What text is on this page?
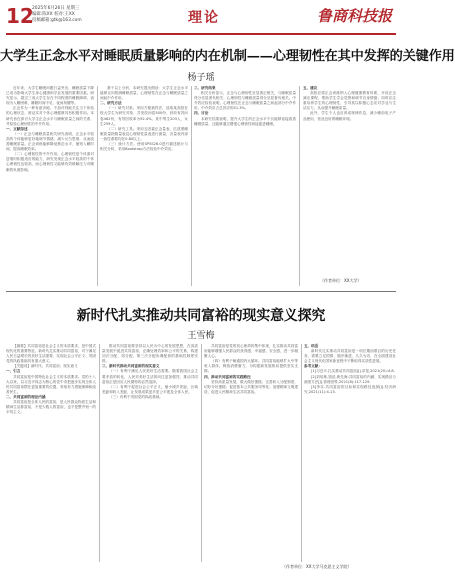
12
2025年6月26日 星期三
编辑:陈XX 校对:王XX
投稿邮箱:gtk@163.com	理论	鲁商科技报
大学生正念水平对睡眠质量影响的内在机制——心理韧性在其中发挥的关键作用
杨子瑶

近年来，大学生睡眠问题日益突出，睡眠质量下降已成为影响大学生身心健康和学业发展的重要因素。研究显示，超过三成大学生存在不同程度的睡眠障碍，表现为入睡困难、睡眠时间不足、夜间易醒等。

正念作为一种有意识地、不加评判地关注当下体验的心理状态，被证实对个体心理健康具有积极作用。本研究旨在探讨大学生正念水平与睡眠质量之间的关系，并检验心理韧性的中介作用。

一、文献综述

（一）正念与睡眠质量相关研究表明，正念水平较高的个体能够更好地调节情绪，减少反刍思维，从而改善睡眠质量。正念训练能够降低焦虑水平，缩短入睡时间，提高睡眠效率。

（二）心理韧性的中介作用。心理韧性是个体面对逆境时积极适应的能力，研究发现正念水平较高的个体心理韧性也较高，而心理韧性又能够有效缓解压力对睡眠的负面影响。

基于以上分析，本研究提出假设：大学生正念水平能够正向预测睡眠质量，心理韧性在正念与睡眠质量之间起中介作用。

二、研究方法

（一）研究对象。采用方便抽样法，选取某高校在校大学生为研究对象，共发放问卷500份，回收有效问卷462份，有效回收率为92.4%。其中男生203人，女生259人。

（二）研究工具。采用五因素正念量表、匹兹堡睡眠质量指数量表及心理韧性量表进行测量，各量表内部一致性系数均在0.80以上。

（三）统计方法。使用SPSS26.0进行描述统计与相关分析，采用Bootstrap方法检验中介效应。

三、研究结果

相关分析显示，正念与心理韧性呈显著正相关，与睡眠质量得分呈显著负相关；心理韧性与睡眠质量得分呈显著负相关。中介效应检验表明，心理韧性在正念与睡眠质量之间起部分中介作用，中介效应占总效应的41.3%。

四、讨论

本研究结果表明，提升大学生的正念水平不仅能够直接改善睡眠质量，还能够通过增强心理韧性间接促进睡眠。

五、建议

高校应将正念训练纳入心理健康教育体系，开设正念减压课程，帮助学生学会觉察和调节自身情绪；同时应注重培养学生的心理韧性，引导其以积极心态应对学业与生活压力，从而提升睡眠质量。

此外，学生个人也应养成规律作息，减少睡前电子产品使用，营造良好的睡眠环境。

（作者单位：XX大学）
新时代扎实推动共同富裕的现实意义探究
王雪梅

【摘要】共同富裕是社会主义的本质要求，是中国式现代化的重要特征。新时代扎实推动共同富裕，对于满足人民日益增长的美好生活需要、实现社会公平正义、巩固党的执政基础具有重大意义。

【关键词】新时代；共同富裕；现实意义

一、引言

共同富裕是中国特色社会主义的本质要求。党的十八大以来，以习近平同志为核心的党中央把逐步实现全体人民共同富裕摆在更加重要的位置，采取有力措施保障和改善民生。

二、共同富裕的理论内涵

共同富裕是全体人民的富裕，是人民群众物质生活和精神生活都富裕，不是少数人的富裕，也不是整齐划一的平均主义。

推动共同富裕要坚持以人民为中心的发展思想，在高质量发展中促进共同富裕，正确处理效率和公平的关系，构建初次分配、再分配、第三次分配协调配套的基础性制度安排。

三、新时代推动共同富裕的现实意义

（一）有利于满足人民美好生活需要。随着我国社会主要矛盾的转化，人民对美好生活的向往更加强烈，推动共同富裕正是回应人民期待的必然选择。

（二）有利于促进社会公平正义。缩小城乡差距、区域差距和收入差距，让发展成果更多更公平惠及全体人民。

（三）有利于巩固党的执政基础。

共同富裕是党的初心使命的集中体现，扎实推动共同富裕能够增强人民群众的获得感、幸福感、安全感，进一步凝聚人心。

（四）有利于畅通国内大循环。共同富裕能够扩大中等收入群体，释放消费潜力，为构建新发展格局提供坚实支撑。

四、推动共同富裕的实践路径

坚持高质量发展，做大做好蛋糕；完善收入分配制度，切好分好蛋糕；促进基本公共服务均等化；加强精神文明建设，促进人民精神生活共同富裕。

五、结语

新时代扎实推动共同富裕是一项长期而艰巨的历史任务，需要立足国情、循序渐进，久久为功，在全面建设社会主义现代化国家新征程中不断取得实质性进展。

参考文献：

[1]习近平.扎实推动共同富裕[J].求是,2021(20):4-8.

[2]刘培林,钱滔,黄先海.共同富裕的内涵、实现路径与测度方法[J].管理世界,2021(8):117-129.

[3]李实.共同富裕的目标和实现路径选择[J].经济研究,2021(11):4-13.

（作者单位：XX大学马克思主义学院）
